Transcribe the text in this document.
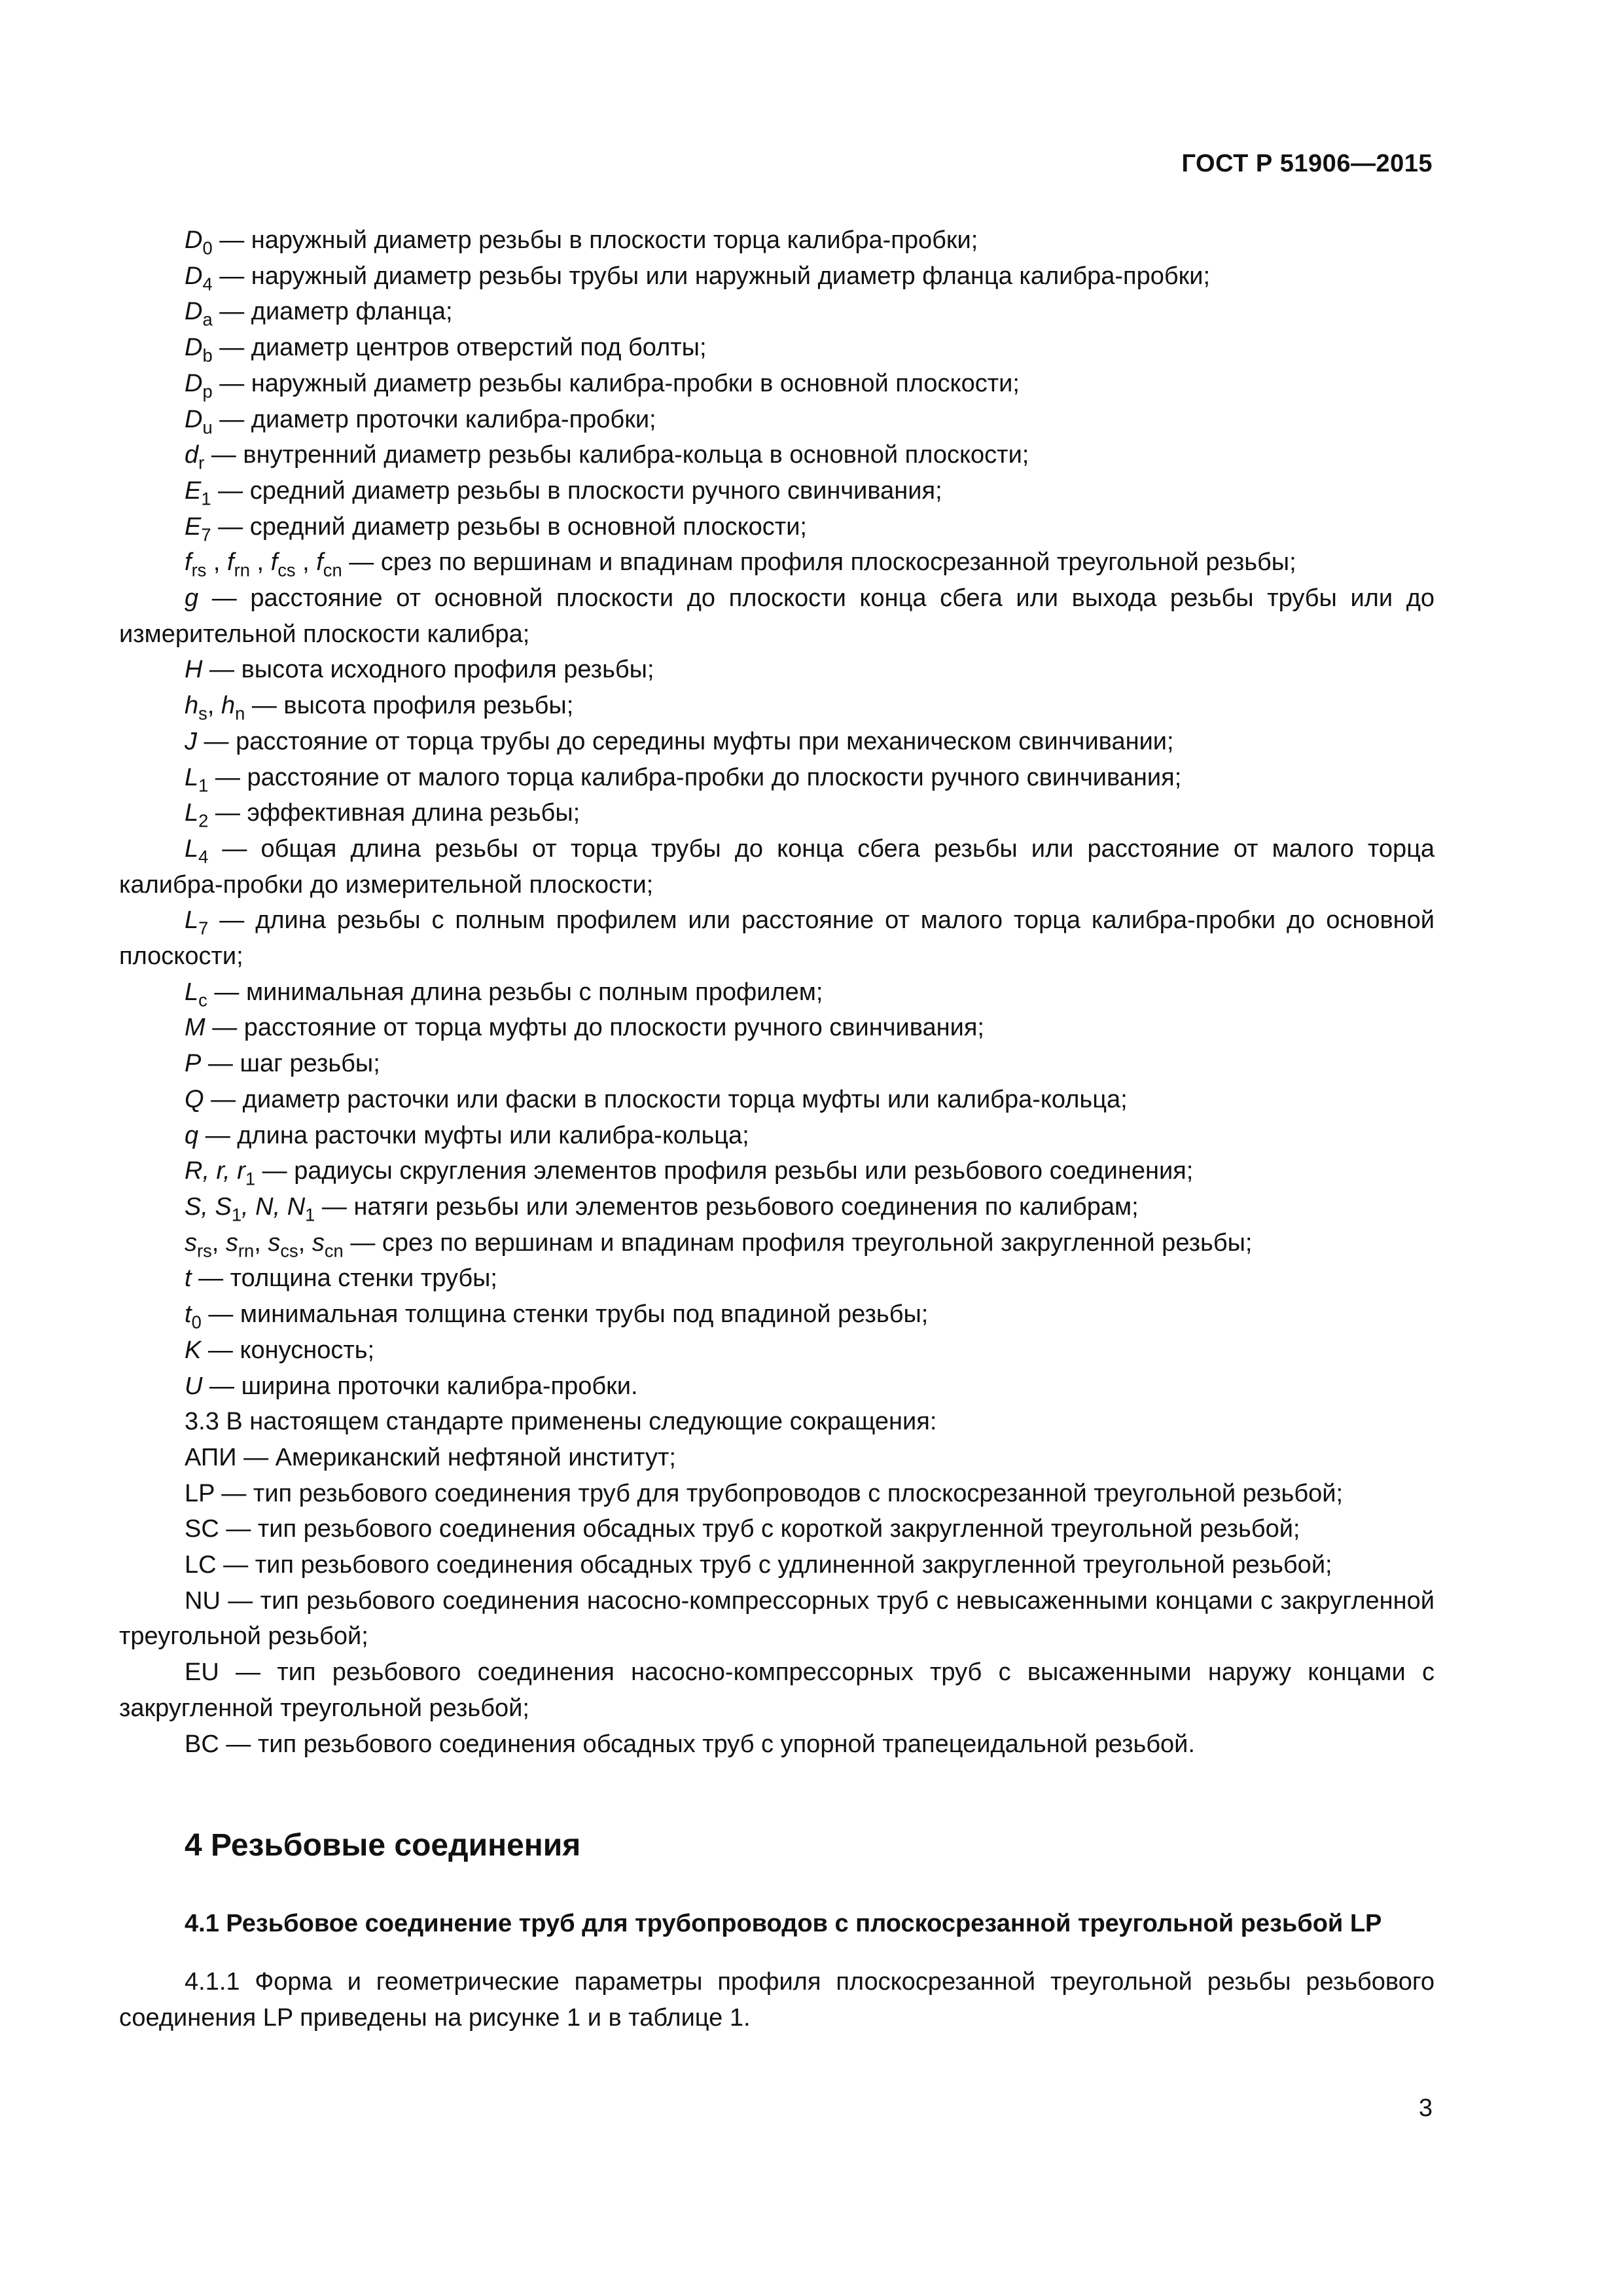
ГОСТ Р 51906—2015

$D_0$ — наружный диаметр резьбы в плоскости торца калибра-пробки;

$D_4$ — наружный диаметр резьбы трубы или наружный диаметр фланца калибра-пробки;

$D_a$ — диаметр фланца;

$D_b$ — диаметр центров отверстий под болты;

$D_p$ — наружный диаметр резьбы калибра-пробки в основной плоскости;

$D_u$ — диаметр проточки калибра-пробки;

$d_r$ — внутренний диаметр резьбы калибра-кольца в основной плоскости;

$E_1$ — средний диаметр резьбы в плоскости ручного свинчивания;

$E_7$ — средний диаметр резьбы в основной плоскости;

$f_{rs}$ , $f_{rn}$ , $f_{cs}$ , $f_{cn}$ — срез по вершинам и впадинам профиля плоскосрезанной треугольной резьбы;

g — расстояние от основной плоскости до плоскости конца сбега или выхода резьбы трубы или до измерительной плоскости калибра;

H — высота исходного профиля резьбы;

$h_s$, $h_n$ — высота профиля резьбы;

J — расстояние от торца трубы до середины муфты при механическом свинчивании;

$L_1$ — расстояние от малого торца калибра-пробки до плоскости ручного свинчивания;

$L_2$ — эффективная длина резьбы;

$L_4$ — общая длина резьбы от торца трубы до конца сбега резьбы или расстояние от малого торца калибра-пробки до измерительной плоскости;

$L_7$ — длина резьбы с полным профилем или расстояние от малого торца калибра-пробки до основной плоскости;

$L_c$ — минимальная длина резьбы с полным профилем;

M — расстояние от торца муфты до плоскости ручного свинчивания;

P — шаг резьбы;

Q — диаметр расточки или фаски в плоскости торца муфты или калибра-кольца;

q — длина расточки муфты или калибра-кольца;

R, r, $r_1$ — радиусы скругления элементов профиля резьбы или резьбового соединения;

S, $S_1$, N, $N_1$ — натяги резьбы или элементов резьбового соединения по калибрам;

$s_{rs}$, $s_{rn}$, $s_{cs}$, $s_{cn}$ — срез по вершинам и впадинам профиля треугольной закругленной резьбы;

t — толщина стенки трубы;

$t_0$ — минимальная толщина стенки трубы под впадиной резьбы;

K — конусность;

U — ширина проточки калибра-пробки.

3.3 В настоящем стандарте применены следующие сокращения:

АПИ — Американский нефтяной институт;

LP — тип резьбового соединения труб для трубопроводов с плоскосрезанной треугольной резьбой;

SC — тип резьбового соединения обсадных труб с короткой закругленной треугольной резьбой;

LC — тип резьбового соединения обсадных труб с удлиненной закругленной треугольной резьбой;

NU — тип резьбового соединения насосно-компрессорных труб с невысаженными концами с закругленной треугольной резьбой;

EU — тип резьбового соединения насосно-компрессорных труб с высаженными наружу концами с закругленной треугольной резьбой;

BC — тип резьбового соединения обсадных труб с упорной трапецеидальной резьбой.

4 Резьбовые соединения
4.1 Резьбовое соединение труб для трубопроводов с плоскосрезанной треугольной резьбой LP

4.1.1 Форма и геометрические параметры профиля плоскосрезанной треугольной резьбы резьбового соединения LP приведены на рисунке 1 и в таблице 1.

3
